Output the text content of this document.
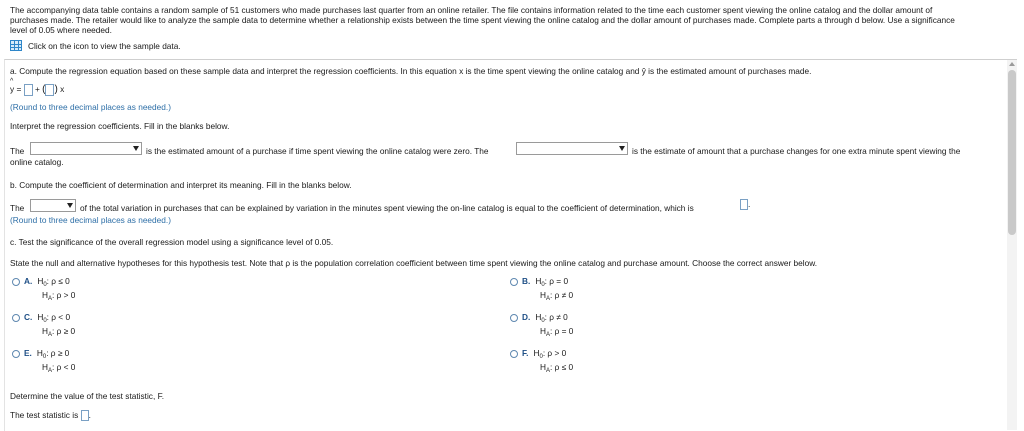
The accompanying data table contains a random sample of 51 customers who made purchases last quarter from an online retailer. The file contains information related to the time each customer spent viewing the online catalog and the dollar amount of
purchases made. The retailer would like to analyze the sample data to determine whether a relationship exists between the time spent viewing the online catalog and the dollar amount of purchases made. Complete parts a through d below. Use a significance
level of 0.05 where needed.
Click on the icon to view the sample data.
a. Compute the regression equation based on these sample data and interpret the regression coefficients. In this equation x is the time spent viewing the online catalog and ŷ is the estimated amount of purchases made.
^ y = + ( ) x
(Round to three decimal places as needed.)
Interpret the regression coefficients. Fill in the blanks below.
The	is the estimated amount of a purchase if time spent viewing the online catalog were zero. The	is the estimate of amount that a purchase changes for one extra minute spent viewing the
online catalog.
b. Compute the coefficient of determination and interpret its meaning. Fill in the blanks below.
The	of the total variation in purchases that can be explained by variation in the minutes spent viewing the on-line catalog is equal to the coefficient of determination, which is	.
(Round to three decimal places as needed.)
c. Test the significance of the overall regression model using a significance level of 0.05.
State the null and alternative hypotheses for this hypothesis test. Note that ρ is the population correlation coefficient between time spent viewing the online catalog and purchase amount. Choose the correct answer below.
A. $H_0$: ρ ≤ 0
$H_A$: ρ > 0
B. $H_0$: ρ = 0
$H_A$: ρ ≠ 0
C. $H_0$: ρ < 0
$H_A$: ρ ≥ 0
D. $H_0$: ρ ≠ 0
$H_A$: ρ = 0
E. $H_0$: ρ ≥ 0
$H_A$: ρ < 0
F. $H_0$: ρ > 0
$H_A$: ρ ≤ 0
Determine the value of the test statistic, F.
The test statistic is .
